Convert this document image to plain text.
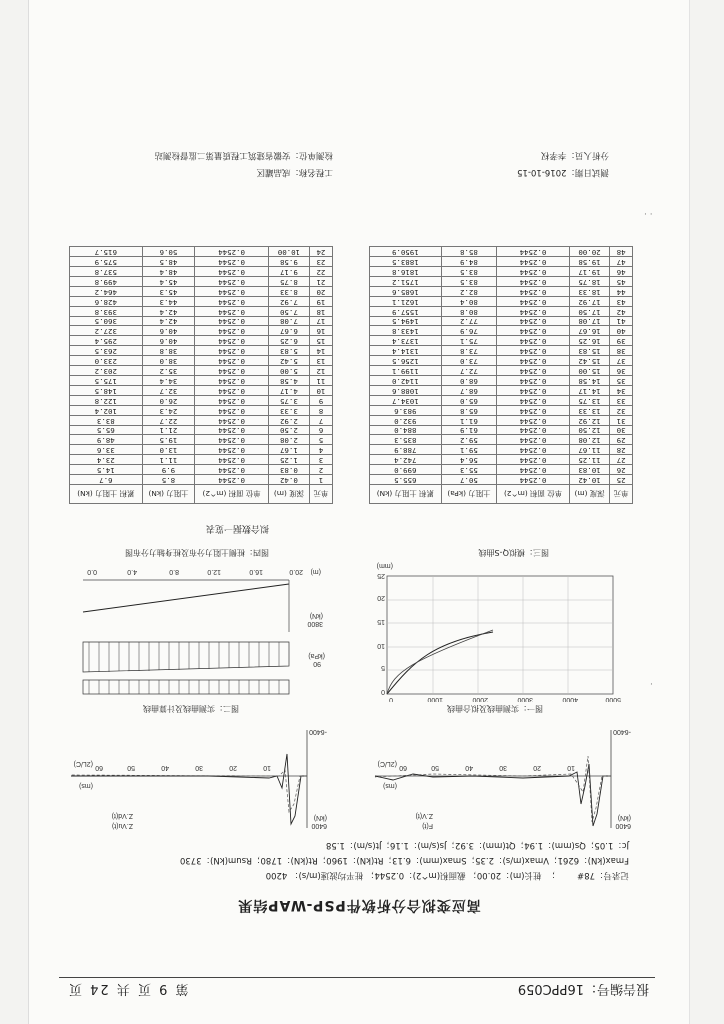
报告编号：16PPC059
第 9 页 共 24 页
高应变拟合分析软件PSP-WAP结果
记录号：78#        ；  桩长(m)：20.00； 截面积(m^2)：0.2544； 桩平均波速(m/s)： 4200
Fmax(kN)：6261；Vmax(m/s)：2.35；Smax(mm)：6.13；Rt(kN)：1960；Rt(kN)：1780；Rsum(kN)：3730
Jc：1.05；Qs(mm)：1.94；Qt(mm)：3.92；Js(s/m)：1.16；Jt(s/m)：1.58
6400
(kN)
-6400
F(t)
Z.V(t)
(2L/C)
(ms)
10
20
30
40
50
60
图一：实测曲线及拟合曲线
6400
(kN)
-6400
Z.Vu(t)
Z.Vd(t)
(2L/C)
(ms)
10
20
30
40
50
60
图二：实测曲线及计算曲线
0
5
10
15
20
25
(mm)
0	1000	2000	3000	4000	5000
3800
(kN)
90
(kPa)
0.0	4.0	8.0	12.0	16.0	20.0 (m)
图四：桩侧土阻力分布及桩身轴力分布图	图三：模拟Q-S曲线
拟合数据一览表
单元	深度 (m)	单位 面积 (m^2)	土阻力 (kN)	累积 土阻力 (kN)
1	0.42	0.2544	8.5	6.7
2	0.83	0.2544	9.9	14.5
3	1.25	0.2544	11.1	23.4
4	1.67	0.2544	13.0	33.6
5	2.08	0.2544	19.5	48.9
6	2.50	0.2544	21.1	65.5
7	2.92	0.2544	22.7	83.3
8	3.33	0.2544	24.3	102.4
9	3.75	0.2544	26.0	122.8
10	4.17	0.2544	32.7	148.5
11	4.58	0.2544	34.4	175.5
12	5.00	0.2544	35.2	203.2
13	5.42	0.2544	38.0	233.0
14	5.83	0.2544	38.8	263.5
15	6.25	0.2544	40.6	295.4
16	6.67	0.2544	40.6	327.2
17	7.08	0.2544	42.4	360.5
18	7.50	0.2544	42.4	393.8
19	7.92	0.2544	44.3	428.6
20	8.33	0.2544	45.3	464.2
21	8.75	0.2544	45.4	499.8
22	9.17	0.2544	48.4	537.8
23	9.58	0.2544	48.5	575.9
24	10.00	0.2544	50.6	615.7
单元	深度 (m)	单位 面积 (m^2)	土阻力 (kPa)	累积 土阻力 (kN)
25	10.42	0.2544	50.7	655.5
26	10.83	0.2544	55.3	699.0
27	11.25	0.2544	56.4	742.4
28	11.67	0.2544	59.1	788.9
29	12.08	0.2544	59.2	835.3
30	12.50	0.2544	61.9	884.0
31	12.92	0.2544	61.1	932.0
32	13.33	0.2544	65.8	983.6
33	13.75	0.2544	65.0	1034.7
34	14.17	0.2544	68.7	1088.6
35	14.58	0.2544	68.0	1142.0
36	15.00	0.2544	72.7	1199.1
37	15.42	0.2544	73.0	1256.5
38	15.83	0.2544	73.8	1314.4
39	16.25	0.2544	75.1	1373.4
40	16.67	0.2544	76.9	1433.8
41	17.08	0.2544	77.2	1494.5
42	17.50	0.2544	80.8	1557.9
43	17.92	0.2544	80.4	1621.1
44	18.33	0.2544	82.2	1685.6
45	18.75	0.2544	83.5	1751.2
46	19.17	0.2544	83.5	1816.8
47	19.58	0.2544	84.9	1883.5
48	20.00	0.2544	85.8	1950.9
工程名称：成品罐区	测试日期：2016-10-15
检测单位：安徽省建筑工程质量第二监督检测站	分析人员：李孝权
· ·
·
